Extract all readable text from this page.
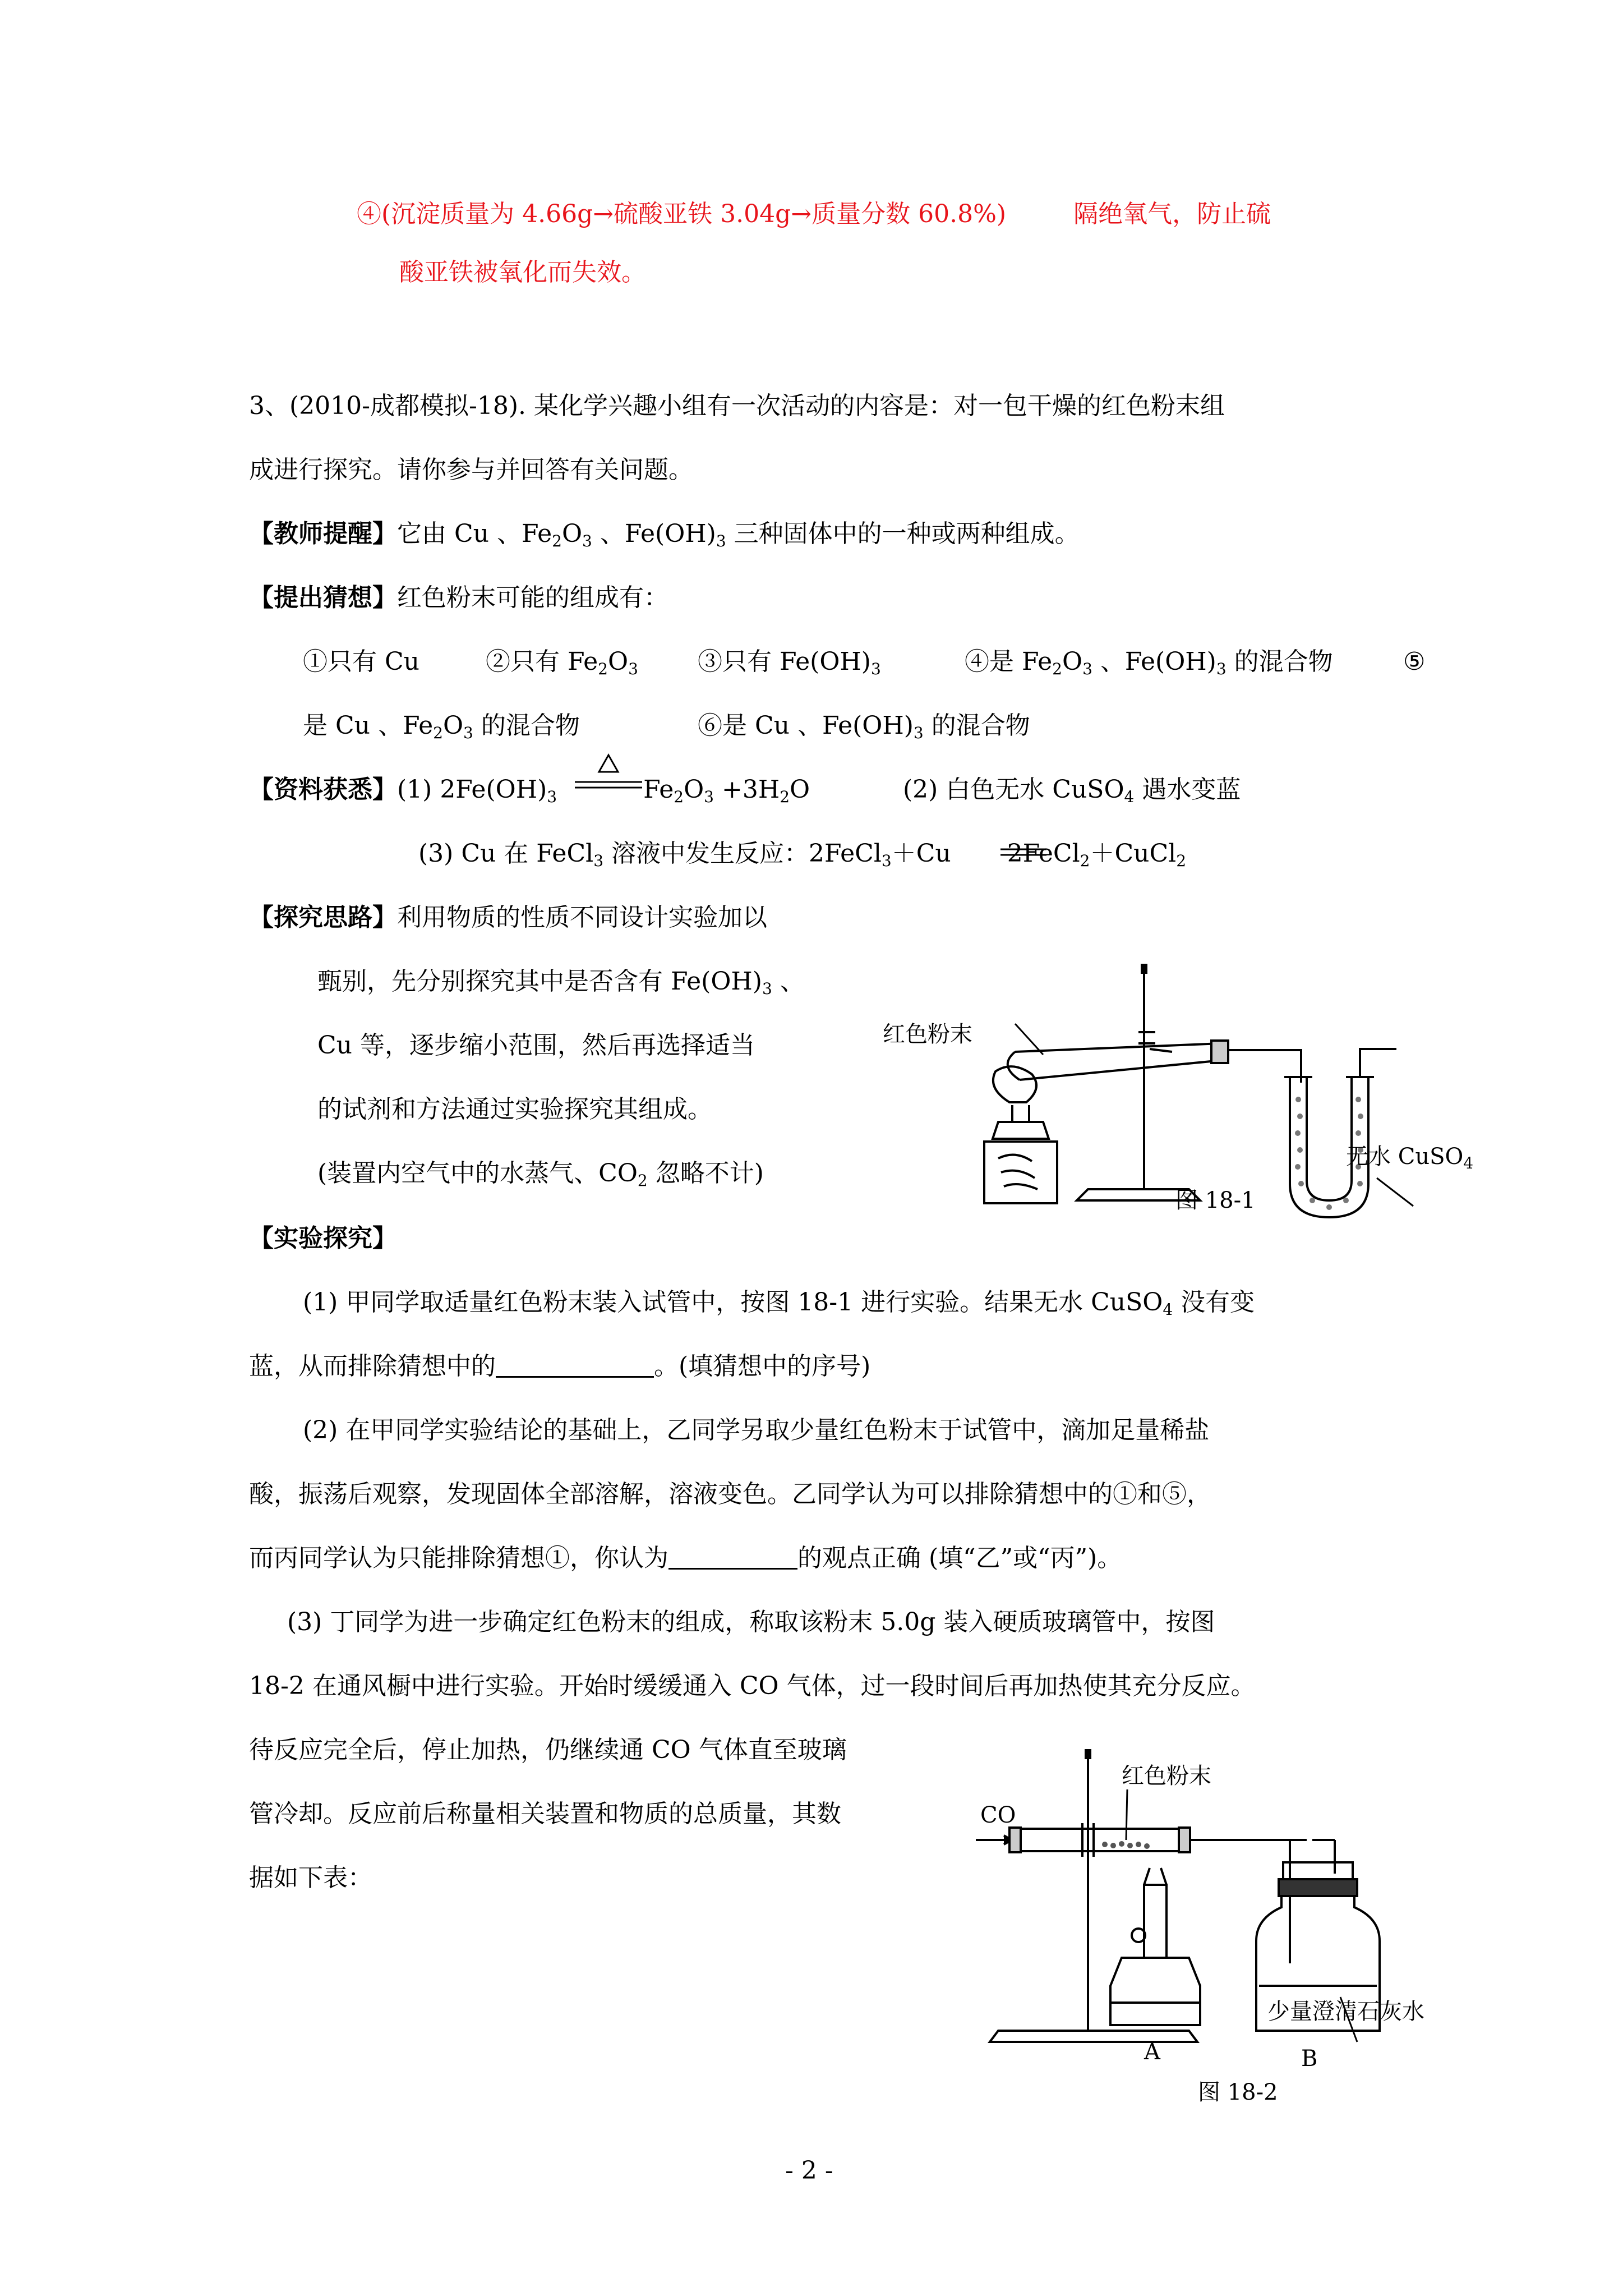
④(沉淀质量为 4.66g→硫酸亚铁 3.04g→质量分数 60.8%)	隔绝氧气，防止硫
酸亚铁被氧化而失效。
3、(2010-成都模拟-18). 某化学兴趣小组有一次活动的内容是：对一包干燥的红色粉末组
成进行探究。请你参与并回答有关问题。
【教师提醒】它由 Cu 、$Fe_2O_3$ 、$Fe(OH)_3$ 三种固体中的一种或两种组成。
【提出猜想】红色粉末可能的组成有：
①只有 Cu	②只有 $Fe_2O_3$ ③只有 $Fe(OH)_3$	④是 $Fe_2O_3$ 、$Fe(OH)_3$ 的混合物	⑤
是 Cu 、$Fe_2O_3$ 的混合物	⑥是 Cu 、$Fe(OH)_3$ 的混合物
【资料获悉】(1) $2Fe(OH)_3$	$Fe_2O_3 +3H_2O$	(2) 白色无水 CuSO$_4$ 遇水变蓝
(3) Cu 在 FeCl$_3$ 溶液中发生反应：2FeCl$_3$＋Cu 2FeCl$_2$＋CuCl$_2$
【探究思路】利用物质的性质不同设计实验加以
甄别，先分别探究其中是否含有 $Fe(OH)_3$ 、
Cu 等，逐步缩小范围，然后再选择适当
的试剂和方法通过实验探究其组成。
(装置内空气中的水蒸气、$CO_2$ 忽略不计)
红色粉末
无水 CuSO$_4$
图 18-1
【实验探究】
(1) 甲同学取适量红色粉末装入试管中，按图 18-1 进行实验。结果无水 CuSO$_4$ 没有变
蓝，从而排除猜想中的	。(填猜想中的序号)
(2) 在甲同学实验结论的基础上，乙同学另取少量红色粉末于试管中，滴加足量稀盐
酸，振荡后观察，发现固体全部溶解，溶液变色。乙同学认为可以排除猜想中的①和⑤，
而丙同学认为只能排除猜想①，你认为	的观点正确 (填“乙”或“丙”)。
(3) 丁同学为进一步确定红色粉末的组成，称取该粉末 5.0g 装入硬质玻璃管中，按图
18-2 在通风橱中进行实验。开始时缓缓通入 CO 气体，过一段时间后再加热使其充分反应。
待反应完全后，停止加热，仍继续通 CO 气体直至玻璃
管冷却。反应前后称量相关装置和物质的总质量，其数
据如下表：
CO
红色粉末
少量澄清石灰水
A	B
图 18-2
- 2 -
